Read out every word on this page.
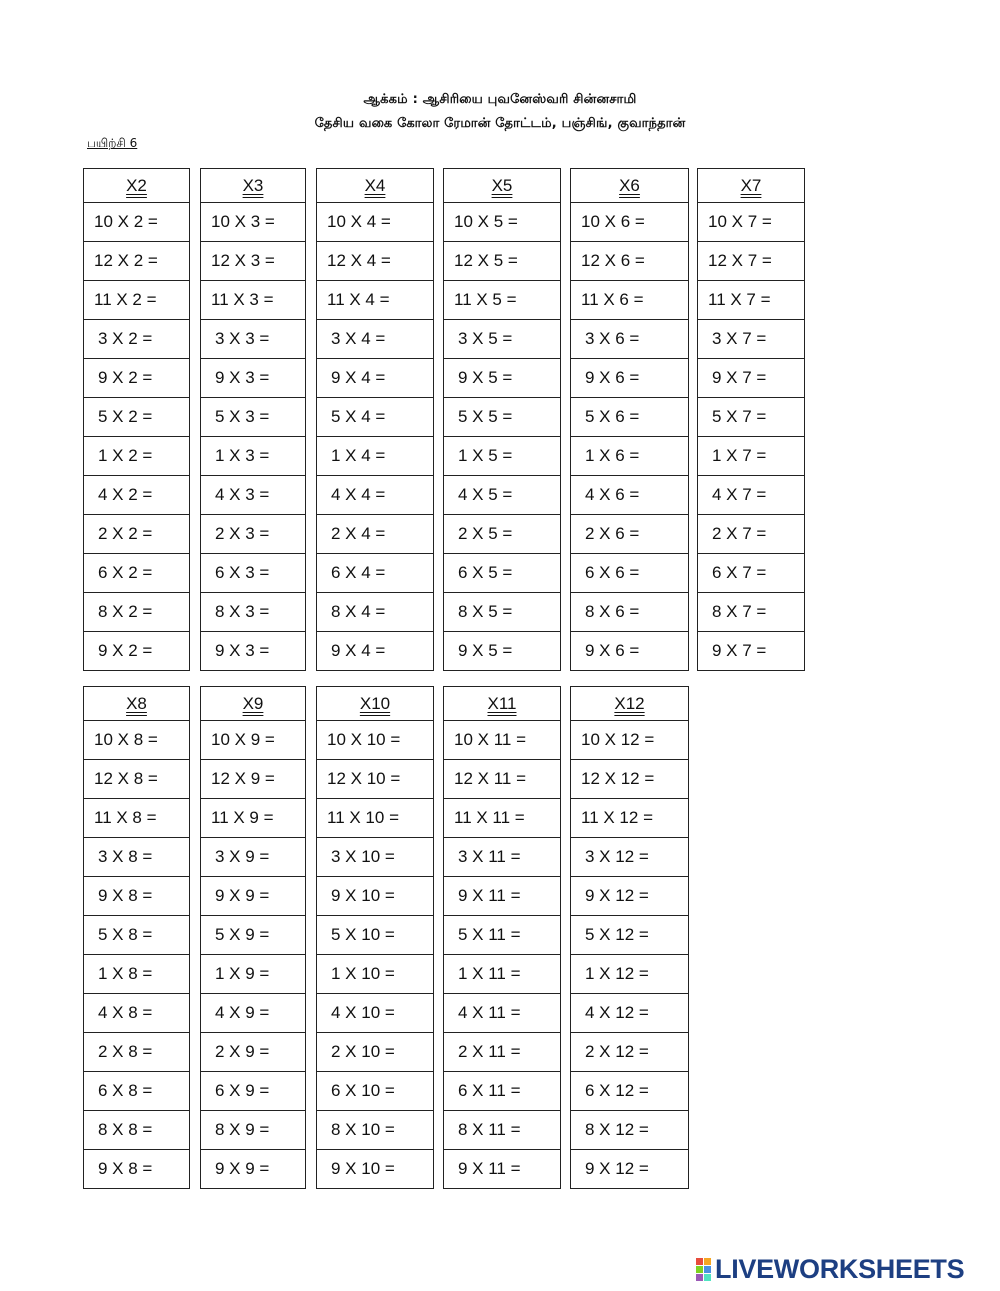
ஆக்கம் : ஆசிரியை புவனேஸ்வரி சின்னசாமி
தேசிய வகை கோலா ரேமான் தோட்டம், பஞ்சிங், குவாந்தான்
பயிற்சி 6
X2
10 X 2 =
12 X 2 =
11 X 2 =
3 X 2 =
9 X 2 =
5 X 2 =
1 X 2 =
4 X 2 =
2 X 2 =
6 X 2 =
8 X 2 =
9 X 2 =
X3
10 X 3 =
12 X 3 =
11 X 3 =
3 X 3 =
9 X 3 =
5 X 3 =
1 X 3 =
4 X 3 =
2 X 3 =
6 X 3 =
8 X 3 =
9 X 3 =
X4
10 X 4 =
12 X 4 =
11 X 4 =
3 X 4 =
9 X 4 =
5 X 4 =
1 X 4 =
4 X 4 =
2 X 4 =
6 X 4 =
8 X 4 =
9 X 4 =
X5
10 X 5 =
12 X 5 =
11 X 5 =
3 X 5 =
9 X 5 =
5 X 5 =
1 X 5 =
4 X 5 =
2 X 5 =
6 X 5 =
8 X 5 =
9 X 5 =
X6
10 X 6 =
12 X 6 =
11 X 6 =
3 X 6 =
9 X 6 =
5 X 6 =
1 X 6 =
4 X 6 =
2 X 6 =
6 X 6 =
8 X 6 =
9 X 6 =
X7
10 X 7 =
12 X 7 =
11 X 7 =
3 X 7 =
9 X 7 =
5 X 7 =
1 X 7 =
4 X 7 =
2 X 7 =
6 X 7 =
8 X 7 =
9 X 7 =
X8
10 X 8 =
12 X 8 =
11 X 8 =
3 X 8 =
9 X 8 =
5 X 8 =
1 X 8 =
4 X 8 =
2 X 8 =
6 X 8 =
8 X 8 =
9 X 8 =
X9
10 X 9 =
12 X 9 =
11 X 9 =
3 X 9 =
9 X 9 =
5 X 9 =
1 X 9 =
4 X 9 =
2 X 9 =
6 X 9 =
8 X 9 =
9 X 9 =
X10
10 X 10 =
12 X 10 =
11 X 10 =
3 X 10 =
9 X 10 =
5 X 10 =
1 X 10 =
4 X 10 =
2 X 10 =
6 X 10 =
8 X 10 =
9 X 10 =
X11
10 X 11 =
12 X 11 =
11 X 11 =
3 X 11 =
9 X 11 =
5 X 11 =
1 X 11 =
4 X 11 =
2 X 11 =
6 X 11 =
8 X 11 =
9 X 11 =
X12
10 X 12 =
12 X 12 =
11 X 12 =
3 X 12 =
9 X 12 =
5 X 12 =
1 X 12 =
4 X 12 =
2 X 12 =
6 X 12 =
8 X 12 =
9 X 12 =
LIVEWORKSHEETS
